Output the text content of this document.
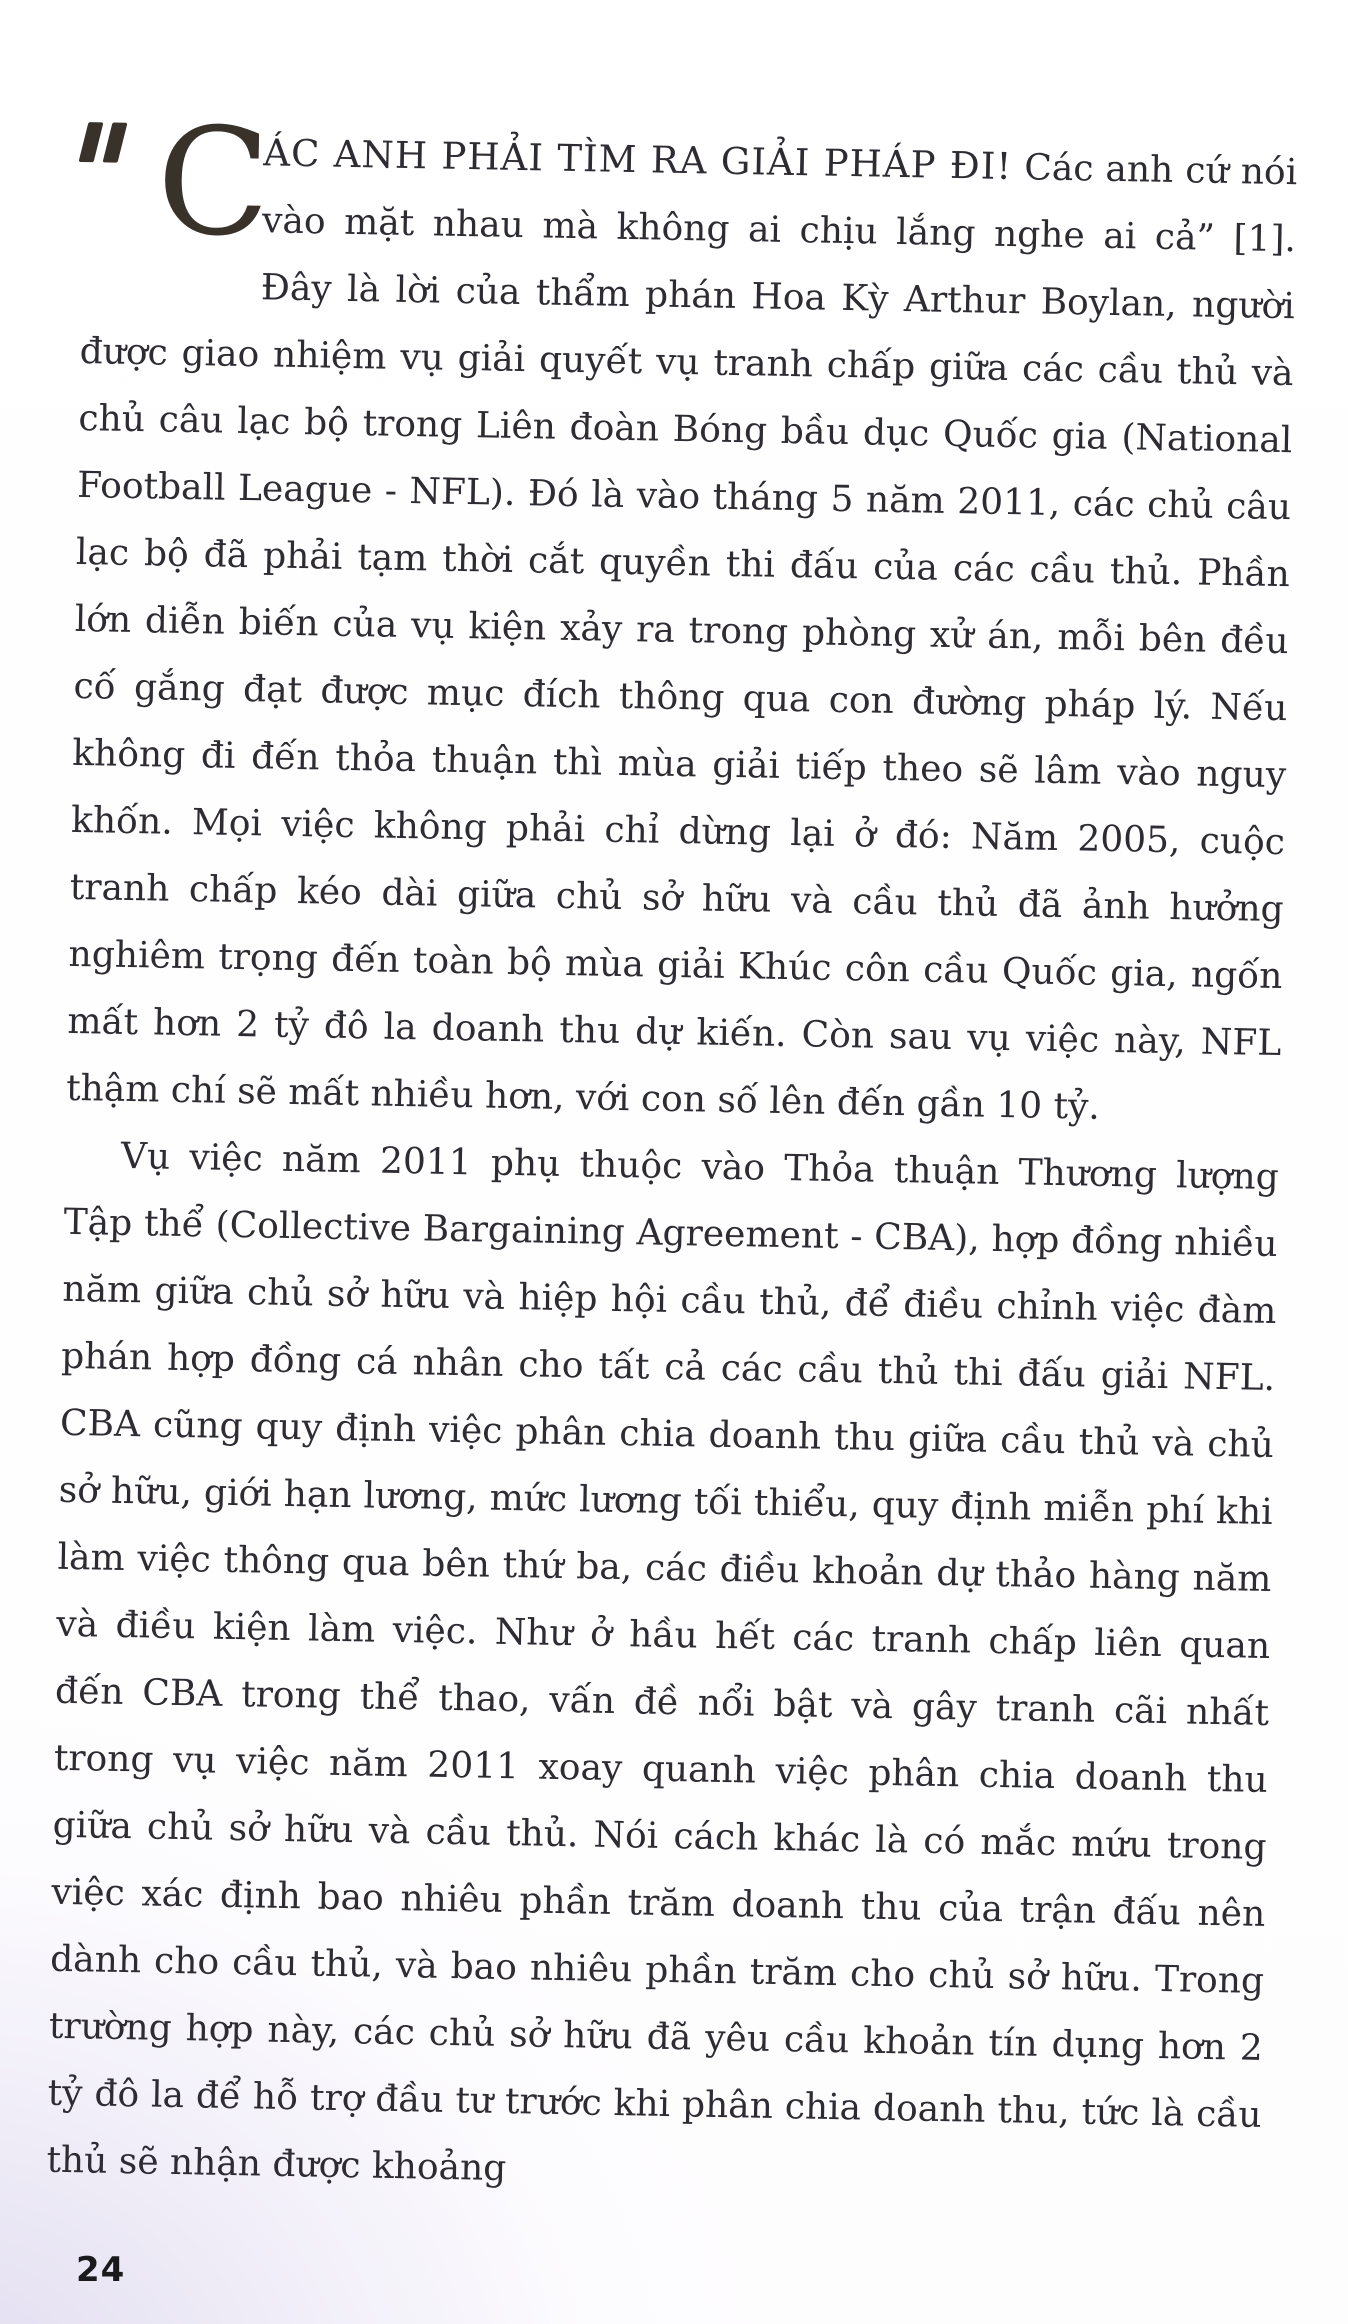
C
ÁC ANH PHẢI TÌM RA GIẢI PHÁP ĐI! Các anh cứ nói vào mặt nhau mà không ai chịu lắng nghe ai cả” [1]. Đây là lời của thẩm phán Hoa Kỳ Arthur Boylan, người được giao nhiệm vụ giải quyết vụ tranh chấp giữa các cầu thủ và chủ câu lạc bộ trong Liên đoàn Bóng bầu dục Quốc gia (National Football League - NFL). Đó là vào tháng 5 năm 2011, các chủ câu lạc bộ đã phải tạm thời cắt quyền thi đấu của các cầu thủ. Phần lớn diễn biến của vụ kiện xảy ra trong phòng xử án, mỗi bên đều cố gắng đạt được mục đích thông qua con đường pháp lý. Nếu không đi đến thỏa thuận thì mùa giải tiếp theo sẽ lâm vào nguy khốn. Mọi việc không phải chỉ dừng lại ở đó: Năm 2005, cuộc tranh chấp kéo dài giữa chủ sở hữu và cầu thủ đã ảnh hưởng nghiêm trọng đến toàn bộ mùa giải Khúc côn cầu Quốc gia, ngốn mất hơn 2 tỷ đô la doanh thu dự kiến. Còn sau vụ việc này, NFL thậm chí sẽ mất nhiều hơn, với con số lên đến gần 10 tỷ.

Vụ việc năm 2011 phụ thuộc vào Thỏa thuận Thương lượng Tập thể (Collective Bargaining Agreement - CBA), hợp đồng nhiều năm giữa chủ sở hữu và hiệp hội cầu thủ, để điều chỉnh việc đàm phán hợp đồng cá nhân cho tất cả các cầu thủ thi đấu giải NFL. CBA cũng quy định việc phân chia doanh thu giữa cầu thủ và chủ sở hữu, giới hạn lương, mức lương tối thiểu, quy định miễn phí khi làm việc thông qua bên thứ ba, các điều khoản dự thảo hàng năm và điều kiện làm việc. Như ở hầu hết các tranh chấp liên quan đến CBA trong thể thao, vấn đề nổi bật và gây tranh cãi nhất trong vụ việc năm 2011 xoay quanh việc phân chia doanh thu giữa chủ sở hữu và cầu thủ. Nói cách khác là có mắc mứu trong việc xác định bao nhiêu phần trăm doanh thu của trận đấu nên dành cho cầu thủ, và bao nhiêu phần trăm cho chủ sở hữu. Trong trường hợp này, các chủ sở hữu đã yêu cầu khoản tín dụng hơn 2 tỷ đô la để hỗ trợ đầu tư trước khi phân chia doanh thu, tức là cầu thủ sẽ nhận được khoảng

24
